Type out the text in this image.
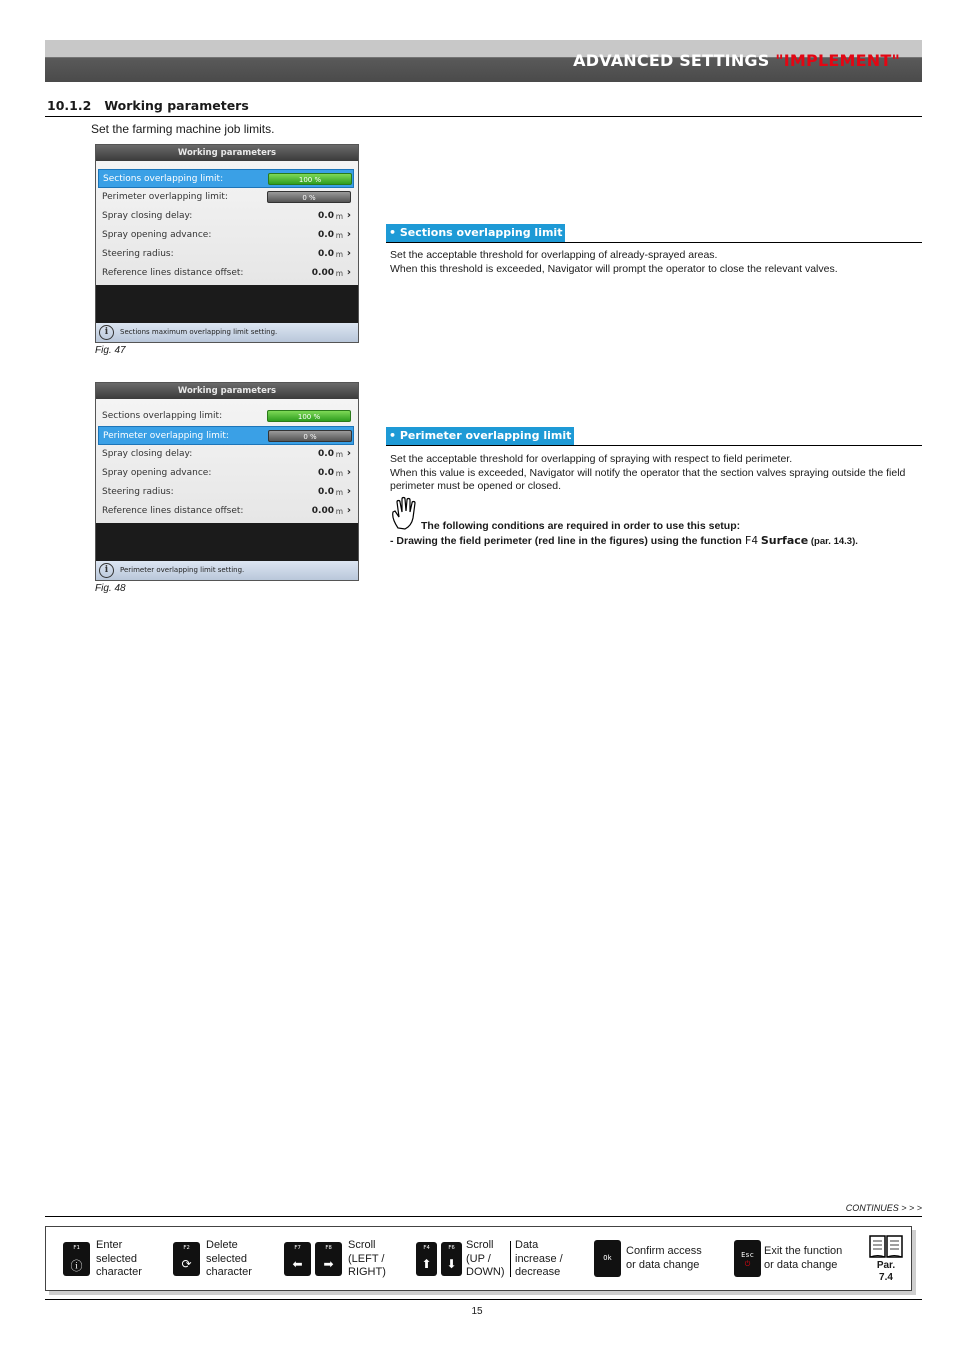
ADVANCED SETTINGS "IMPLEMENT"
10.1.2   Working parameters
Set the farming machine job limits.
Working parameters
Sections overlapping limit:	100 %
Perimeter overlapping limit:	0 %
Spray closing delay:	0.0 m ›
Spray opening advance:	0.0 m ›
Steering radius:	0.0 m ›
Reference lines distance offset:	0.00 m ›
i	Sections maximum overlapping limit setting.
Fig. 47
Working parameters
Sections overlapping limit:	100 %
Perimeter overlapping limit:	0 %
Spray closing delay:	0.0 m ›
Spray opening advance:	0.0 m ›
Steering radius:	0.0 m ›
Reference lines distance offset:	0.00 m ›
i	Perimeter overlapping limit setting.
Fig. 48
• Sections overlapping limit
Set the acceptable threshold for overlapping of already-sprayed areas.
When this threshold is exceeded, Navigator will prompt the operator to close the relevant valves.
• Perimeter overlapping limit
Set the acceptable threshold for overlapping of spraying with respect to field perimeter.
When this value is exceeded, Navigator will notify the operator that the section valves spraying outside the field perimeter must be opened or closed.
The following conditions are required in order to use this setup:
- Drawing the field perimeter (red line in the figures) using the function F4 Surface (par. 14.3).
CONTINUES > > >
F1
ⓘ
Enter
selected
character
F2
⟳
Delete
selected
character
F7
⬅
F8
➡
Scroll
(LEFT /
RIGHT)
F4
⬆
F6
⬇
Scroll
(UP /
DOWN)
Data
increase /
decrease
Ok
Confirm access
or data change
Esc
⏻
Exit the function
or data change	Par.
7.4
15
